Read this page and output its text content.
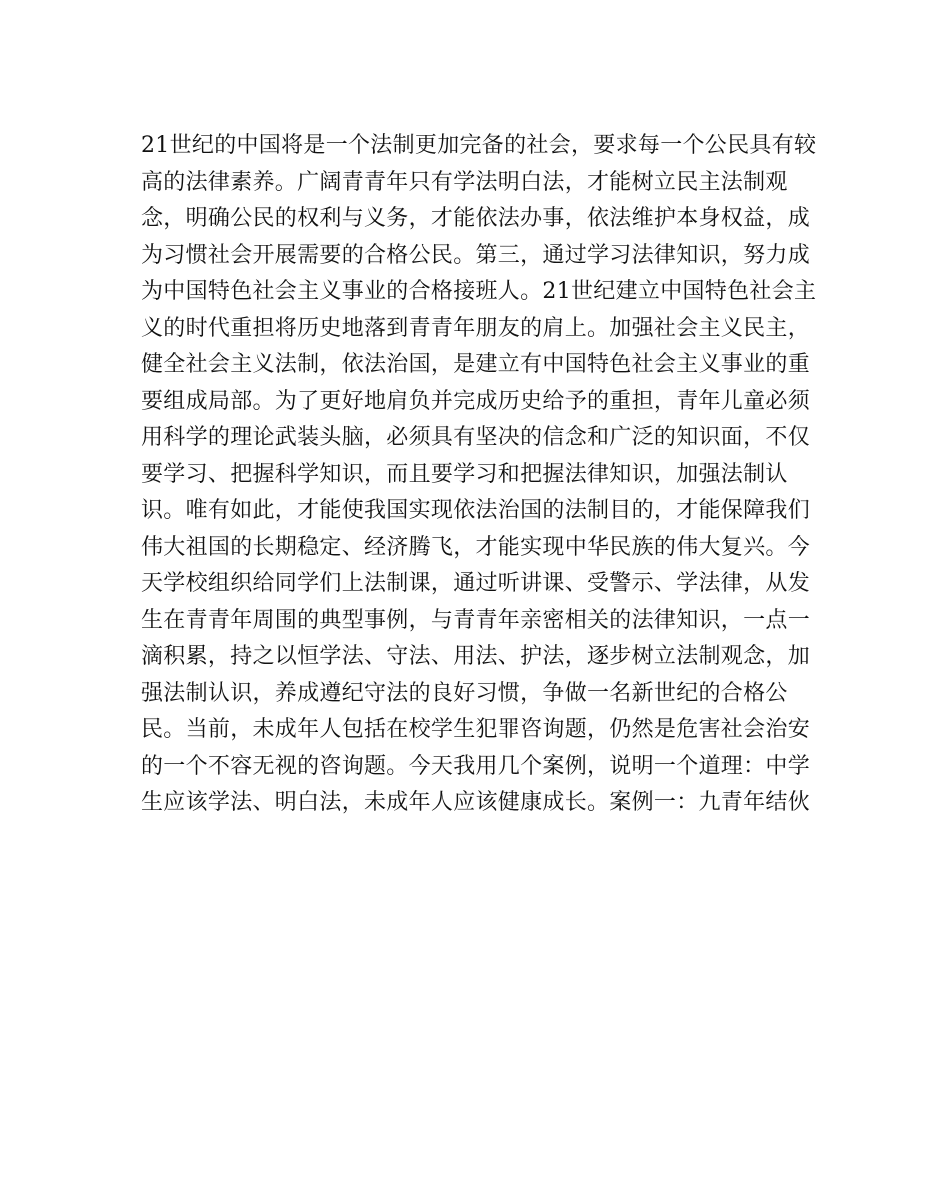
21世纪的中国将是一个法制更加完备的社会，要求每一个公民具有较
高的法律素养。广阔青青年只有学法明白法，才能树立民主法制观
念，明确公民的权利与义务，才能依法办事，依法维护本身权益，成
为习惯社会开展需要的合格公民。第三，通过学习法律知识，努力成
为中国特色社会主义事业的合格接班人。21世纪建立中国特色社会主
义的时代重担将历史地落到青青年朋友的肩上。加强社会主义民主，
健全社会主义法制，依法治国，是建立有中国特色社会主义事业的重
要组成局部。为了更好地肩负并完成历史给予的重担，青年儿童必须
用科学的理论武装头脑，必须具有坚决的信念和广泛的知识面，不仅
要学习、把握科学知识，而且要学习和把握法律知识，加强法制认
识。唯有如此，才能使我国实现依法治国的法制目的，才能保障我们
伟大祖国的长期稳定、经济腾飞，才能实现中华民族的伟大复兴。今
天学校组织给同学们上法制课，通过听讲课、受警示、学法律，从发
生在青青年周围的典型事例，与青青年亲密相关的法律知识，一点一
滴积累，持之以恒学法、守法、用法、护法，逐步树立法制观念，加
强法制认识，养成遵纪守法的良好习惯，争做一名新世纪的合格公
民。当前，未成年人包括在校学生犯罪咨询题，仍然是危害社会治安
的一个不容无视的咨询题。今天我用几个案例，说明一个道理：中学
生应该学法、明白法，未成年人应该健康成长。案例一：九青年结伙
